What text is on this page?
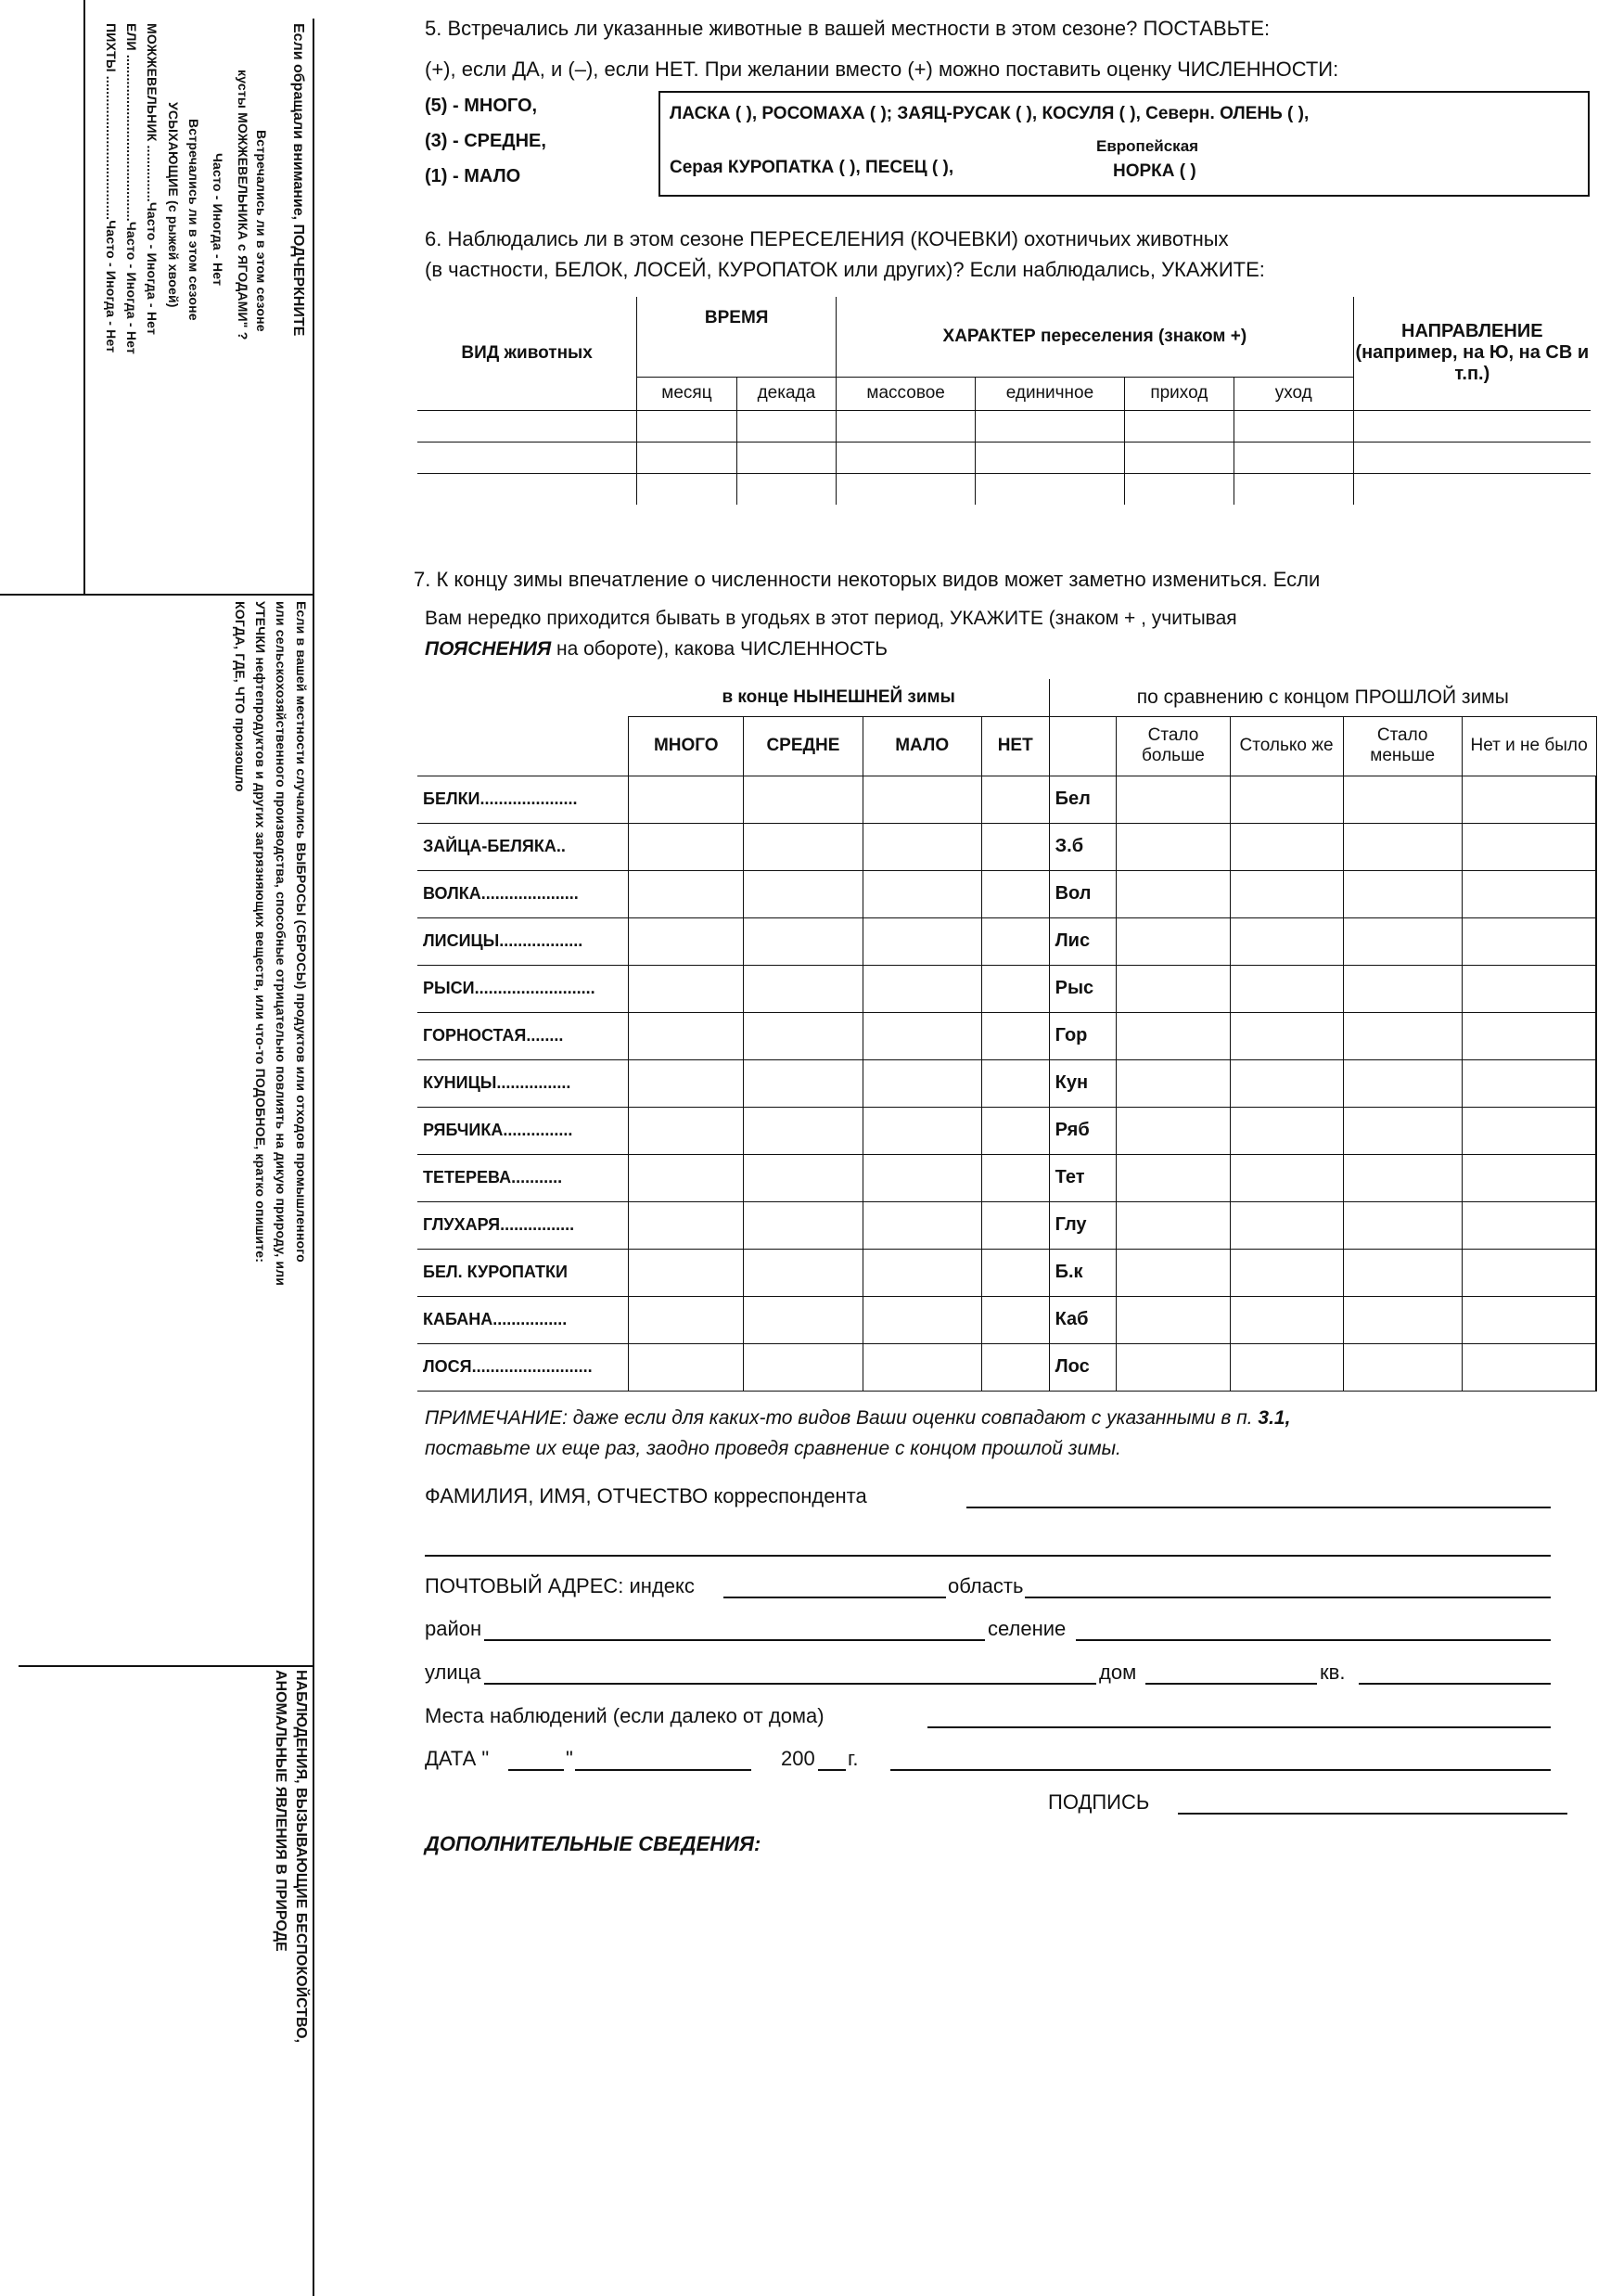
Если обращали внимание, ПОДЧЕРКНИТЕ
Встречались ли в этом сезоне
кусты МОЖЖЕВЕЛЬНИКА с ЯГОДАМИ" ?
Часто - Иногда - Нет
Встречались ли в этом сезоне
УСЫХАЮЩИЕ (с рыжей хвоей)
МОЖЖЕВЕЛЬНИК ...............Часто - Иногда - Нет
ЕЛИ ............................................Часто - Иногда - Нет
ПИХТЫ ......................................Часто - Иногда - Нет
Если в вашей местности случались ВЫБРОСЫ (СБРОСЫ) продуктов или отходов промышленного
или сельскохозяйственного производства, способные отрицательно повлиять на дикую природу, или
УТЕЧКИ нефтепродуктов и других загрязняющих веществ, или что-то ПОДОБНОЕ, кратко опишите:
КОГДА, ГДЕ, ЧТО произошло
НАБЛЮДЕНИЯ, ВЫЗЫВАЮЩИЕ БЕСПОКОЙСТВО,
АНОМАЛЬНЫЕ ЯВЛЕНИЯ В ПРИРОДЕ
5. Встречались ли указанные животные в вашей местности в этом сезоне? ПОСТАВЬТЕ:
(+), если ДА, и (–), если НЕТ. При желании вместо (+) можно поставить оценку ЧИСЛЕННОСТИ:
(5) - МНОГО,
(3) - СРЕДНЕ,
(1) - МАЛО
ЛАСКА ( ), РОСОМАХА ( ); ЗАЯЦ-РУСАК ( ), КОСУЛЯ ( ), Северн. ОЛЕНЬ ( ),
Серая КУРОПАТКА ( ), ПЕСЕЦ ( ),
Европейская
НОРКА ( )
6. Наблюдались ли в этом сезоне ПЕРЕСЕЛЕНИЯ (КОЧЕВКИ) охотничьих животных
(в частности, БЕЛОК, ЛОСЕЙ, КУРОПАТОК или других)? Если наблюдались, УКАЖИТЕ:
ВИД животных	ВРЕМЯ		ХАРАКТЕР переселения (знаком +)				НАПРАВЛЕНИЕ (например, на Ю, на СВ и т.п.)
	месяц	декада	массовое	единичное	приход	уход	

7. К концу зимы впечатление о численности некоторых видов может заметно измениться. Если
Вам нередко приходится бывать в угодьях в этот период, УКАЖИТЕ (знаком + , учитывая
ПОЯСНЕНИЯ на обороте), какова ЧИСЛЕННОСТЬ
	в конце НЫНЕШНЕЙ зимы				по сравнению с концом ПРОШЛОЙ зимы				
	МНОГО	СРЕДНЕ	МАЛО	НЕТ		Стало больше	Столько же	Стало меньше	Нет и не было
БЕЛКИ.....................					Бел				
ЗАЙЦА-БЕЛЯКА..					З.б				
ВОЛКА.....................					Вол				
ЛИСИЦЫ..................					Лис				
РЫСИ..........................					Рыс				
ГОРНОСТАЯ........					Гор				
КУНИЦЫ................					Кун				
РЯБЧИКА...............					Ряб				
ТЕТЕРЕВА...........					Тет				
ГЛУХАРЯ................					Глу				
БЕЛ. КУРОПАТКИ					Б.к				
КАБАНА................					Каб				
ЛОСЯ..........................					Лос				
ПРИМЕЧАНИЕ: даже если для каких-то видов Ваши оценки совпадают с указанными в п. 3.1,
поставьте их еще раз, заодно проведя сравнение с концом прошлой зимы.
ФАМИЛИЯ, ИМЯ, ОТЧЕСТВО корреспондента
ПОЧТОВЫЙ АДРЕС: индекс	область
район	селение
улица	дом	кв.
Места наблюдений (если далеко от дома)
ДАТА "	"	200 г.
ПОДПИСЬ
ДОПОЛНИТЕЛЬНЫЕ СВЕДЕНИЯ:
